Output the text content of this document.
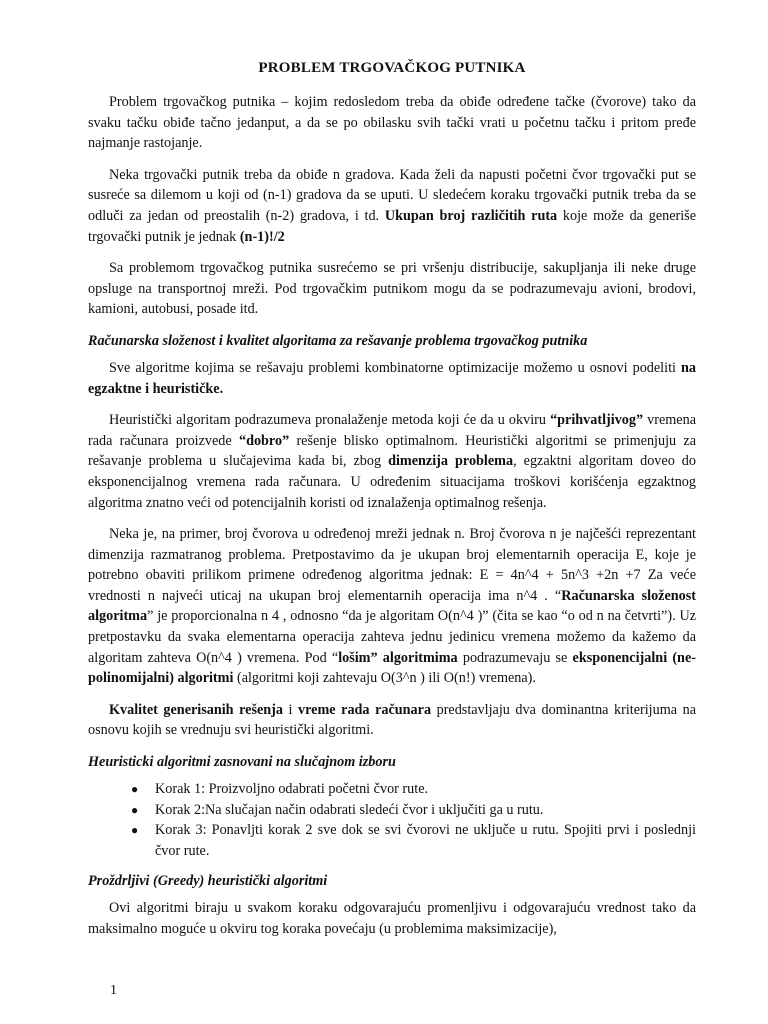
PROBLEM TRGOVAČKOG PUTNIKA

Problem trgovačkog putnika – kojim redosledom treba da obiđe određene tačke (čvorove) tako da svaku tačku obiđe tačno jedanput, a da se po obilasku svih tački vrati u početnu tačku i pritom pređe najmanje rastojanje.

Neka trgovački putnik treba da obiđe n gradova. Kada želi da napusti početni čvor trgovački put se susreće sa dilemom u koji od (n-1) gradova da se uputi. U sledećem koraku trgovački putnik treba da se odluči za jedan od preostalih (n-2) gradova, i td. Ukupan broj različitih ruta koje može da generiše trgovački putnik je jednak (n-1)!/2

Sa problemom trgovačkog putnika susrećemo se pri vršenju distribucije, sakupljanja ili neke druge opsluge na transportnoj mreži. Pod trgovačkim putnikom mogu da se podrazumevaju avioni, brodovi, kamioni, autobusi, posade itd.

Računarska složenost i kvalitet algoritama za rešavanje problema trgovačkog putnika

Sve algoritme kojima se rešavaju problemi kombinatorne optimizacije možemo u osnovi podeliti na egzaktne i heurističke.

Heuristički algoritam podrazumeva pronalaženje metoda koji će da u okviru “prihvatljivog” vremena rada računara proizvede “dobro” rešenje blisko optimalnom. Heuristički algoritmi se primenjuju za rešavanje problema u slučajevima kada bi, zbog dimenzija problema, egzaktni algoritam doveo do eksponencijalnog vremena rada računara. U određenim situacijama troškovi korišćenja egzaktnog algoritma znatno veći od potencijalnih koristi od iznalaženja optimalnog rešenja.

Neka je, na primer, broj čvorova u određenoj mreži jednak n. Broj čvorova n je najčešći reprezentant dimenzija razmatranog problema. Pretpostavimo da je ukupan broj elementarnih operacija E, koje je potrebno obaviti prilikom primene određenog algoritma jednak: E = 4n^4 + 5n^3 +2n +7 Za veće vrednosti n najveći uticaj na ukupan broj elementarnih operacija ima n^4 . “Računarska složenost algoritma” je proporcionalna n 4 , odnosno “da je algoritam O(n^4 )” (čita se kao “o od n na četvrti”). Uz pretpostavku da svaka elementarna operacija zahteva jednu jedinicu vremena možemo da kažemo da algoritam zahteva O(n^4 ) vremena. Pod “lošim” algoritmima podrazumevaju se eksponencijalni (ne-polinomijalni) algoritmi (algoritmi koji zahtevaju O(3^n ) ili O(n!) vremena).

Kvalitet generisanih rešenja i vreme rada računara predstavljaju dva dominantna kriterijuma na osnovu kojih se vrednuju svi heuristički algoritmi.

Heuristicki algoritmi zasnovani na slučajnom izboru
● Korak 1: Proizvoljno odabrati početni čvor rute.
● Korak 2:Na slučajan način odabrati sledeći čvor i uključiti ga u rutu.
● Korak 3: Ponavljti korak 2 sve dok se svi čvorovi ne uključe u rutu. Spojiti prvi i poslednji čvor rute.
Proždrljivi (Greedy) heuristički algoritmi

Ovi algoritmi biraju u svakom koraku odgovarajuću promenljivu i odgovarajuću vrednost tako da maksimalno moguće u okviru tog koraka povećaju (u problemima maksimizacije),

1
